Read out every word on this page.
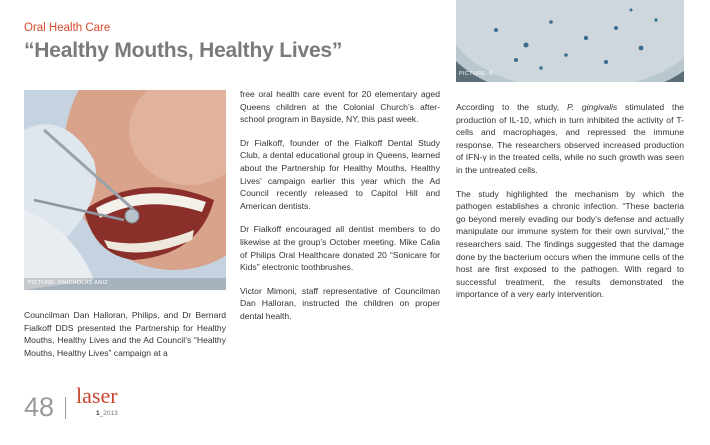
Oral Health Care
“Healthy Mouths, Healthy Lives”
PICTURE: ©NICHOLAS ANIZ
PICTURE: ©

Councilman Dan Halloran, Philips, and Dr Bernard Fialkoff DDS presented the Partnership for Healthy Mouths, Healthy Lives and the Ad Council’s “Healthy Mouths, Healthy Lives” campaign at a

free oral health care event for 20 elementary aged Queens children at the Colonial Church’s after-school program in Bayside, NY, this past week.

Dr Fialkoff, founder of the Fialkoff Dental Study Club, a dental educational group in Queens, learned about the Partnership for Healthy Mouths, Healthy Lives’ campaign earlier this year which the Ad Council recently released to Capitol Hill and American dentists.

Dr Fialkoff encouraged all dentist members to do likewise at the group’s October meeting. Mike Calia of Philips Oral Healthcare donated 20 “Sonicare for Kids” electronic toothbrushes.

Victor Mimoni, staff representative of Councilman Dan Halloran, instructed the children on proper dental health.

According to the study, P. gingivalis stimulated the production of IL-10, which in turn inhibited the activity of T-cells and macrophages, and repressed the immune response. The researchers observed increased production of IFN-γ in the treated cells, while no such growth was seen in the untreated cells.

The study highlighted the mechanism by which the pathogen establishes a chronic infection. “These bacteria go beyond merely evading our body’s defense and actually manipulate our immune system for their own survival,” the researchers said. The findings suggested that the damage done by the bacterium occurs when the immune cells of the host are first exposed to the pathogen. With regard to successful treatment, the results demonstrated the importance of a very early intervention.

48 laser
1_2013
